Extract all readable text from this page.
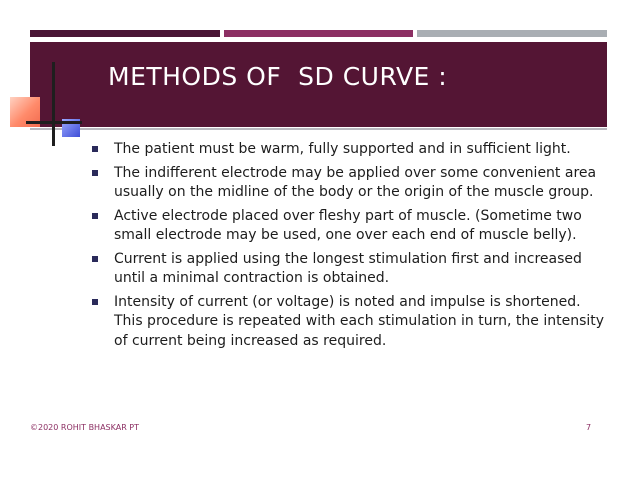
METHODS OF  SD CURVE :
The patient must be warm, fully supported and in sufficient light.
The indifferent electrode may be applied over some convenient area usually on the midline of the body or the origin of the muscle group.
Active electrode placed over fleshy part of muscle. (Sometime two small electrode may be used, one over each end of muscle belly).
Current is applied using the longest stimulation first and increased until a minimal contraction is obtained.
Intensity of current (or voltage) is noted and impulse is shortened. This procedure is repeated with each stimulation in turn, the intensity of current being increased as required.
©2020 ROHIT BHASKAR PT	7
